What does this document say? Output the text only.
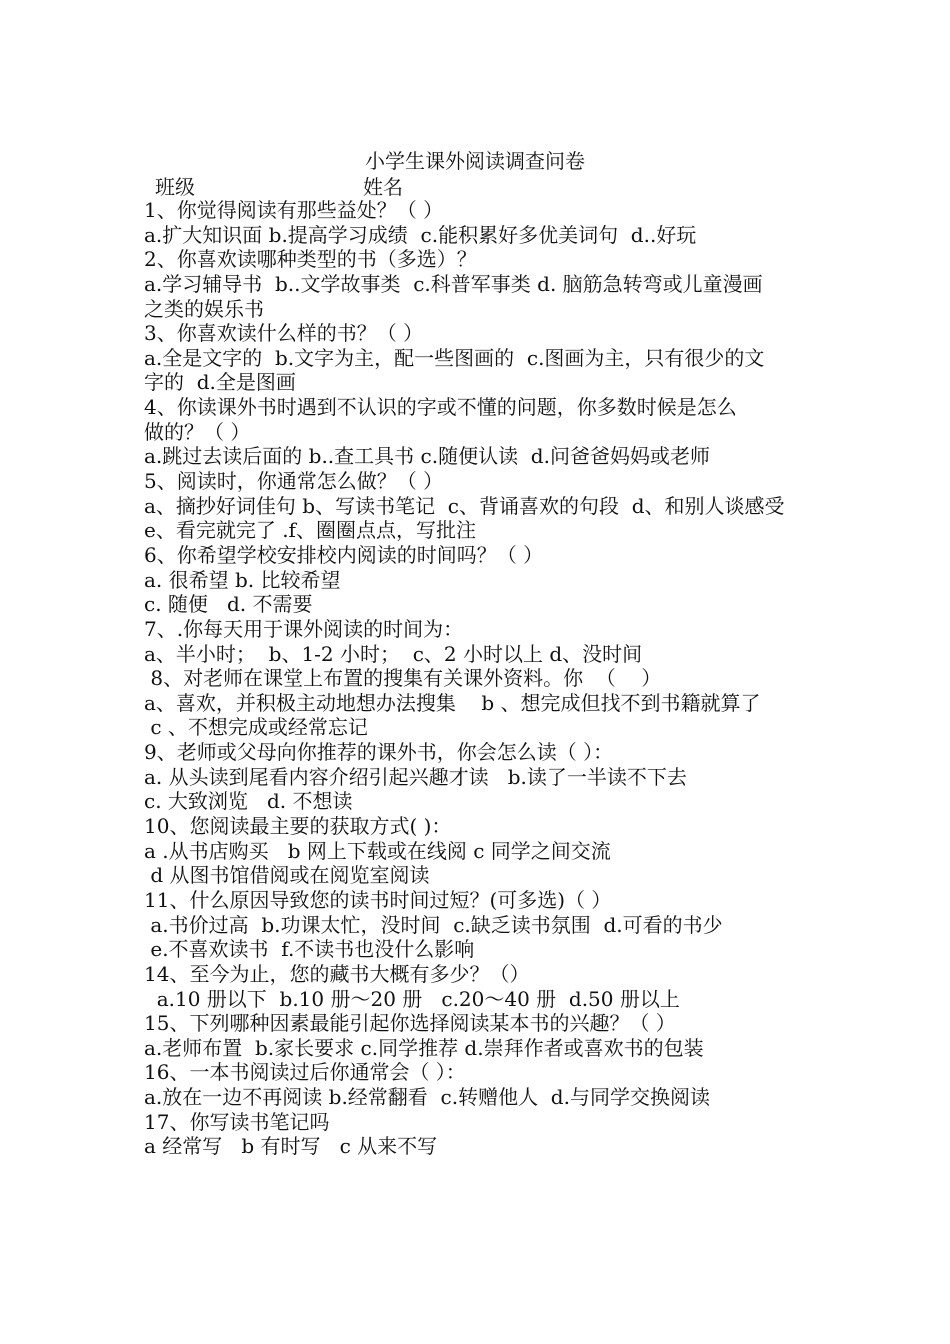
小学生课外阅读调查问卷
班级	姓名
1、你觉得阅读有那些益处？（ ）
a.扩大知识面 b.提高学习成绩  c.能积累好多优美词句  d..好玩
2、你喜欢读哪种类型的书（多选）？
a.学习辅导书  b..文学故事类  c.科普军事类 d. 脑筋急转弯或儿童漫画
之类的娱乐书
3、你喜欢读什么样的书？（ ）
a.全是文字的  b.文字为主，配一些图画的  c.图画为主，只有很少的文
字的  d.全是图画
4、你读课外书时遇到不认识的字或不懂的问题，你多数时候是怎么
做的？（ ）
a.跳过去读后面的 b..查工具书 c.随便认读  d.问爸爸妈妈或老师
5、阅读时，你通常怎么做？（ ）
a、摘抄好词佳句 b、写读书笔记  c、背诵喜欢的句段  d、和别人谈感受
e、看完就完了 .f、圈圈点点，写批注
6、你希望学校安排校内阅读的时间吗？（ ）
a. 很希望 b. 比较希望
c. 随便   d. 不需要
7、.你每天用于课外阅读的时间为：
a、半小时；  b、1-2 小时；  c、2 小时以上 d、没时间
8、对老师在课堂上布置的搜集有关课外资料。你  （    ）
a、喜欢，并积极主动地想办法搜集    b 、想完成但找不到书籍就算了
c 、不想完成或经常忘记
9、老师或父母向你推荐的课外书，你会怎么读（ ）：
a. 从头读到尾看内容介绍引起兴趣才读   b.读了一半读不下去
c. 大致浏览   d. 不想读
10、您阅读最主要的获取方式( )：
a .从书店购买   b 网上下载或在线阅 c 同学之间交流
d 从图书馆借阅或在阅览室阅读
11、什么原因导致您的读书时间过短？(可多选)（ ）
a.书价过高  b.功课太忙，没时间  c.缺乏读书氛围  d.可看的书少
e.不喜欢读书  f.不读书也没什么影响
14、至今为止，您的藏书大概有多少？（）
a.10 册以下  b.10 册～20 册   c.20～40 册  d.50 册以上
15、下列哪种因素最能引起你选择阅读某本书的兴趣？（ ）
a.老师布置  b.家长要求 c.同学推荐 d.崇拜作者或喜欢书的包装
16、一本书阅读过后你通常会（ ）：
a.放在一边不再阅读 b.经常翻看  c.转赠他人  d.与同学交换阅读
17、你写读书笔记吗
a 经常写   b 有时写   c 从来不写
